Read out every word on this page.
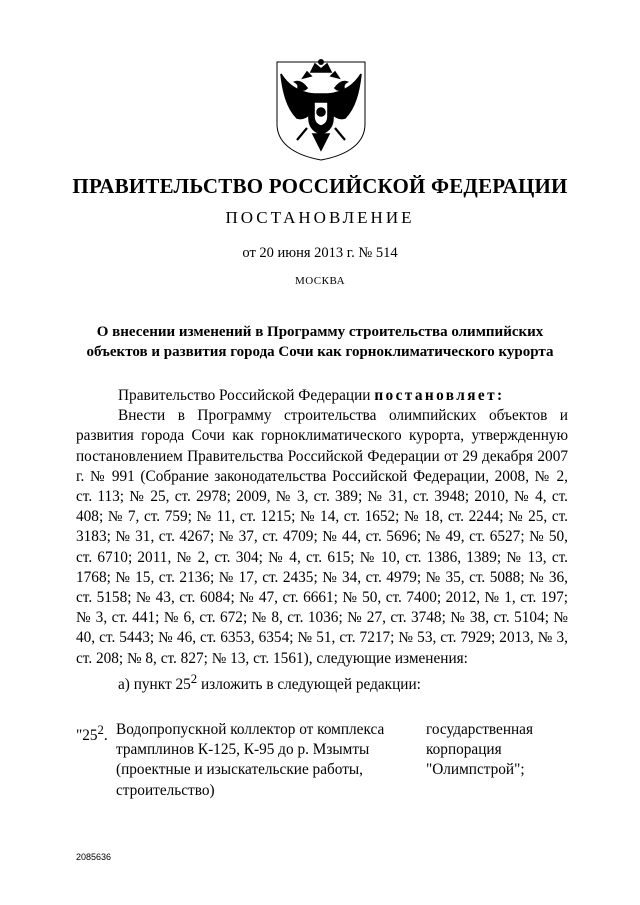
ПРАВИТЕЛЬСТВО РОССИЙСКОЙ ФЕДЕРАЦИИ
ПОСТАНОВЛЕНИЕ
от 20 июня 2013 г. № 514
МОСКВА
О внесении изменений в Программу строительства олимпийских
объектов и развития города Сочи как горноклиматического курорта

Правительство Российской Федерации постановляет:

Внести в Программу строительства олимпийских объектов и развития города Сочи как горноклиматического курорта, утвержденную постановлением Правительства Российской Федерации от 29 декабря 2007 г. № 991 (Собрание законодательства Российской Федерации, 2008, № 2, ст. 113; № 25, ст. 2978; 2009, № 3, ст. 389; № 31, ст. 3948; 2010, № 4, ст. 408; № 7, ст. 759; № 11, ст. 1215; № 14, ст. 1652; № 18, ст. 2244; № 25, ст. 3183; № 31, ст. 4267; № 37, ст. 4709; № 44, ст. 5696; № 49, ст. 6527; № 50, ст. 6710; 2011, № 2, ст. 304; № 4, ст. 615; № 10, ст. 1386, 1389; № 13, ст. 1768; № 15, ст. 2136; № 17, ст. 2435; № 34, ст. 4979; № 35, ст. 5088; № 36, ст. 5158; № 43, ст. 6084; № 47, ст. 6661; № 50, ст. 7400; 2012, № 1, ст. 197; № 3, ст. 441; № 6, ст. 672; № 8, ст. 1036; № 27, ст. 3748; № 38, ст. 5104; № 40, ст. 5443; № 46, ст. 6353, 6354; № 51, ст. 7217; № 53, ст. 7929; 2013, № 3, ст. 208; № 8, ст. 827; № 13, ст. 1561), следующие изменения:

а) пункт $25^2$ изложить в следующей редакции:

"$25^2$. Водопропускной коллектор от комплекса трамплинов К-125, К-95 до р. Мзымты (проектные и изыскательские работы, строительство)
государственная корпорация "Олимпстрой";
2085636
